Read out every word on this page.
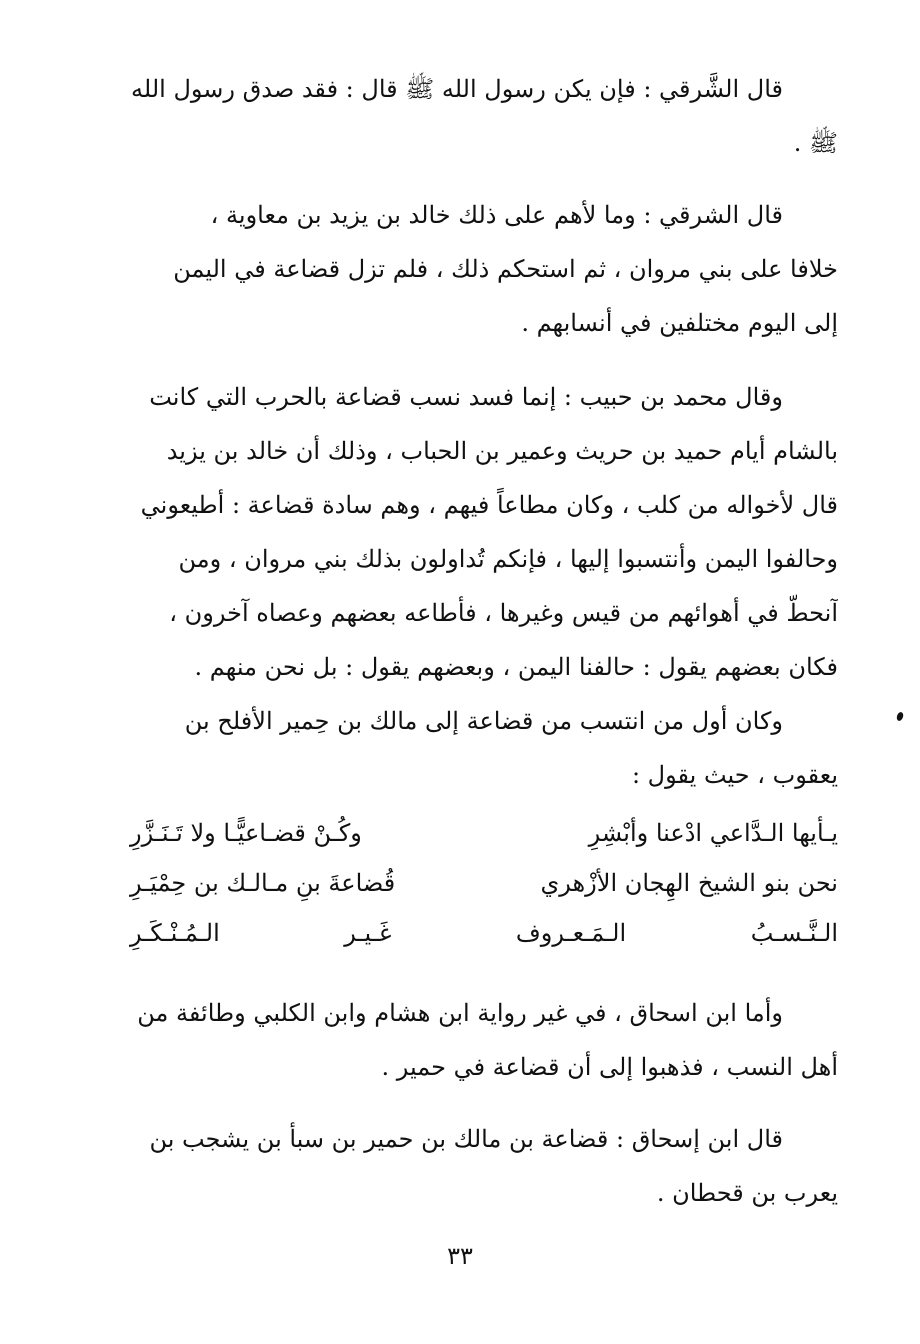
قال الشَّرقي : فإن يكن رسول الله ﷺ قال : فقد صدق رسول الله
ﷺ .
قال الشرقي : وما لأهم على ذلك خالد بن يزيد بن معاوية ،
خلافا على بني مروان ، ثم استحكم ذلك ، فلم تزل قضاعة في اليمن
إلى اليوم مختلفين في أنسابهم .
وقال محمد بن حبيب : إنما فسد نسب قضاعة بالحرب التي كانت
بالشام أيام حميد بن حريث وعمير بن الحباب ، وذلك أن خالد بن يزيد
قال لأخواله من كلب ، وكان مطاعاً فيهم ، وهم سادة قضاعة : أطيعوني
وحالفوا اليمن وأنتسبوا إليها ، فإنكم تُداولون بذلك بني مروان ، ومن
آنحطّ في أهوائهم من قيس وغيرها ، فأطاعه بعضهم وعصاه آخرون ،
فكان بعضهم يقول : حالفنا اليمن ، وبعضهم يقول : بل نحن منهم .
وكان أول من انتسب من قضاعة إلى مالك بن حِمير الأفلح بن
يعقوب ، حيث يقول :
يـأيها الـدَّاعي ادْعنا وأبْشِرِ
وكُـنْ قضـاعيًّـا ولا تَـنَـزَّرِ
نحن بنو الشيخ الهِجان الأزْهري
قُضاعةَ بنِ مـالـك بن حِمْيَـرِ
الـنَّـسـبُ
الـمَـعـروف
غَـيـر
الـمُـنْـكَـرِ
وأما ابن اسحاق ، في غير رواية ابن هشام وابن الكلبي وطائفة من
أهل النسب ، فذهبوا إلى أن قضاعة في حمير .
قال ابن إسحاق : قضاعة بن مالك بن حمير بن سبأ بن يشجب بن
يعرب بن قحطان .
٣٣
